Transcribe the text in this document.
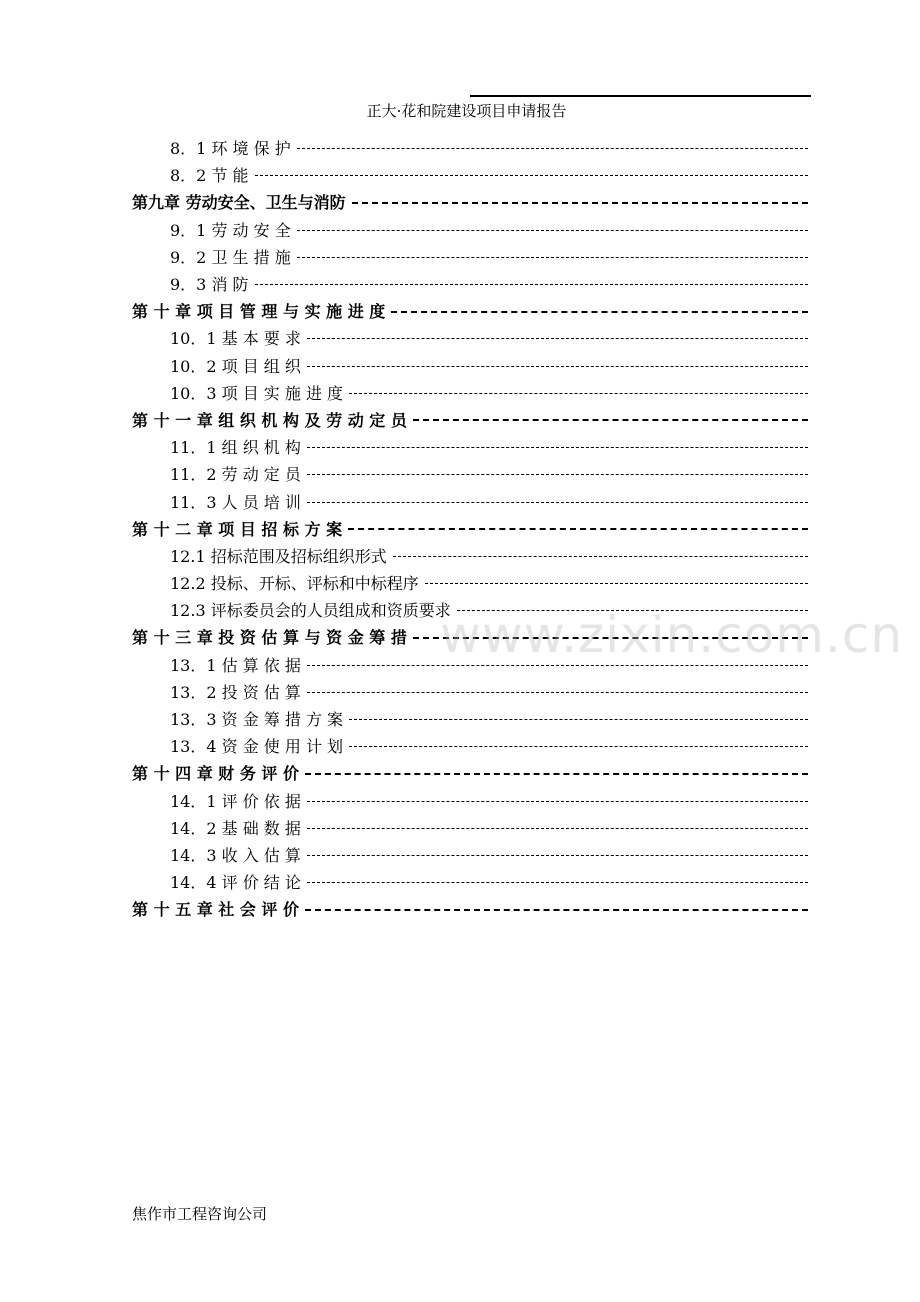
正大·花和院建设项目申请报告
8．1 环 境 保 护
8．2 节 能
第九章 劳动安全、卫生与消防
9．1 劳 动 安 全
9．2 卫 生 措 施
9．3 消 防
第 十 章 项 目 管 理 与 实 施 进 度
10．1 基 本 要 求
10．2 项 目 组 织
10．3 项 目 实 施 进 度
第 十 一 章 组 织 机 构 及 劳 动 定 员
11．1 组 织 机 构
11．2 劳 动 定 员
11．3 人 员 培 训
第 十 二 章 项 目 招 标 方 案
12.1 招标范围及招标组织形式
12.2 投标、开标、评标和中标程序
12.3 评标委员会的人员组成和资质要求
第 十 三 章 投 资 估 算 与 资 金 筹 措
13．1 估 算 依 据
13．2 投 资 估 算
13．3 资 金 筹 措 方 案
13．4 资 金 使 用 计 划
第 十 四 章 财 务 评 价
14．1 评 价 依 据
14．2 基 础 数 据
14．3 收 入 估 算
14．4 评 价 结 论
第 十 五 章 社 会 评 价
www.zixin.com.cn
焦作市工程咨询公司
